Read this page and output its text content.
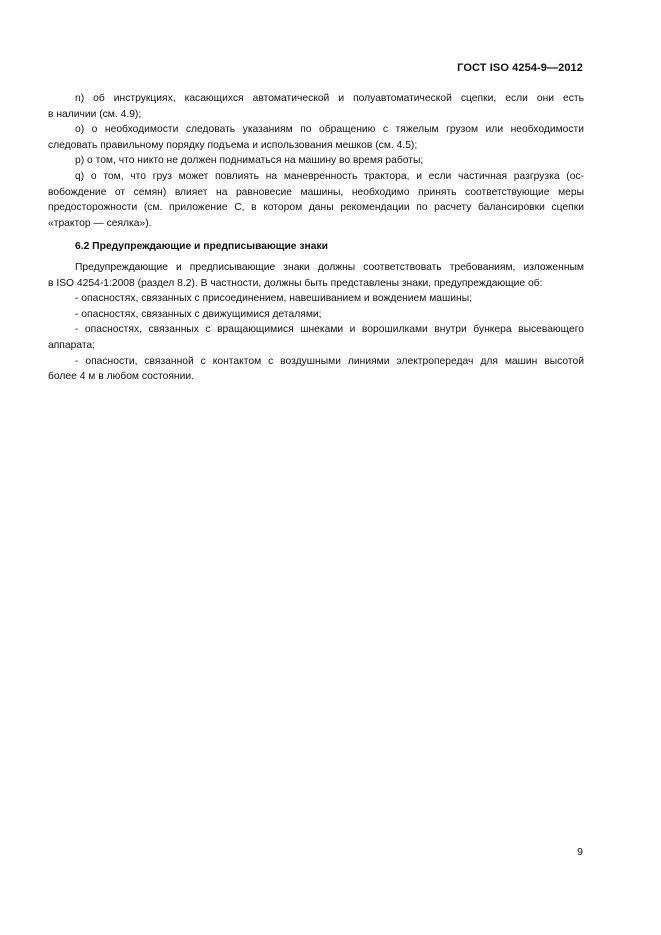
ГОСТ ISO 4254-9—2012
n) об инструкциях, касающихся автоматической и полуавтоматической сцепки, если они есть
в наличии (см. 4.9);
o) о необходимости следовать указаниям по обращению с тяжелым грузом или необходимости
следовать правильному порядку подъема и использования мешков (см. 4.5);
p) о том, что никто не должен подниматься на машину во время работы;
q) о том, что груз может повлиять на маневренность трактора, и если частичная разгрузка (ос-
вобождение от семян) влияет на равновесие машины, необходимо принять соответствующие меры
предосторожности (см. приложение С, в котором даны рекомендации по расчету балансировки сцепки
«трактор — сеялка»).
6.2 Предупреждающие и предписывающие знаки
Предупреждающие и предписывающие знаки должны соответствовать требованиям, изложенным
в ISO 4254-1:2008 (раздел 8.2). В частности, должны быть представлены знаки, предупреждающие об:
- опасностях, связанных с присоединением, навешиванием и вождением машины;
- опасностях, связанных с движущимися деталями;
- опасностях, связанных с вращающимися шнеками и ворошилками внутри бункера высевающего
аппарата;
- опасности, связанной с контактом с воздушными линиями электропередач для машин высотой
более 4 м в любом состоянии.
9
